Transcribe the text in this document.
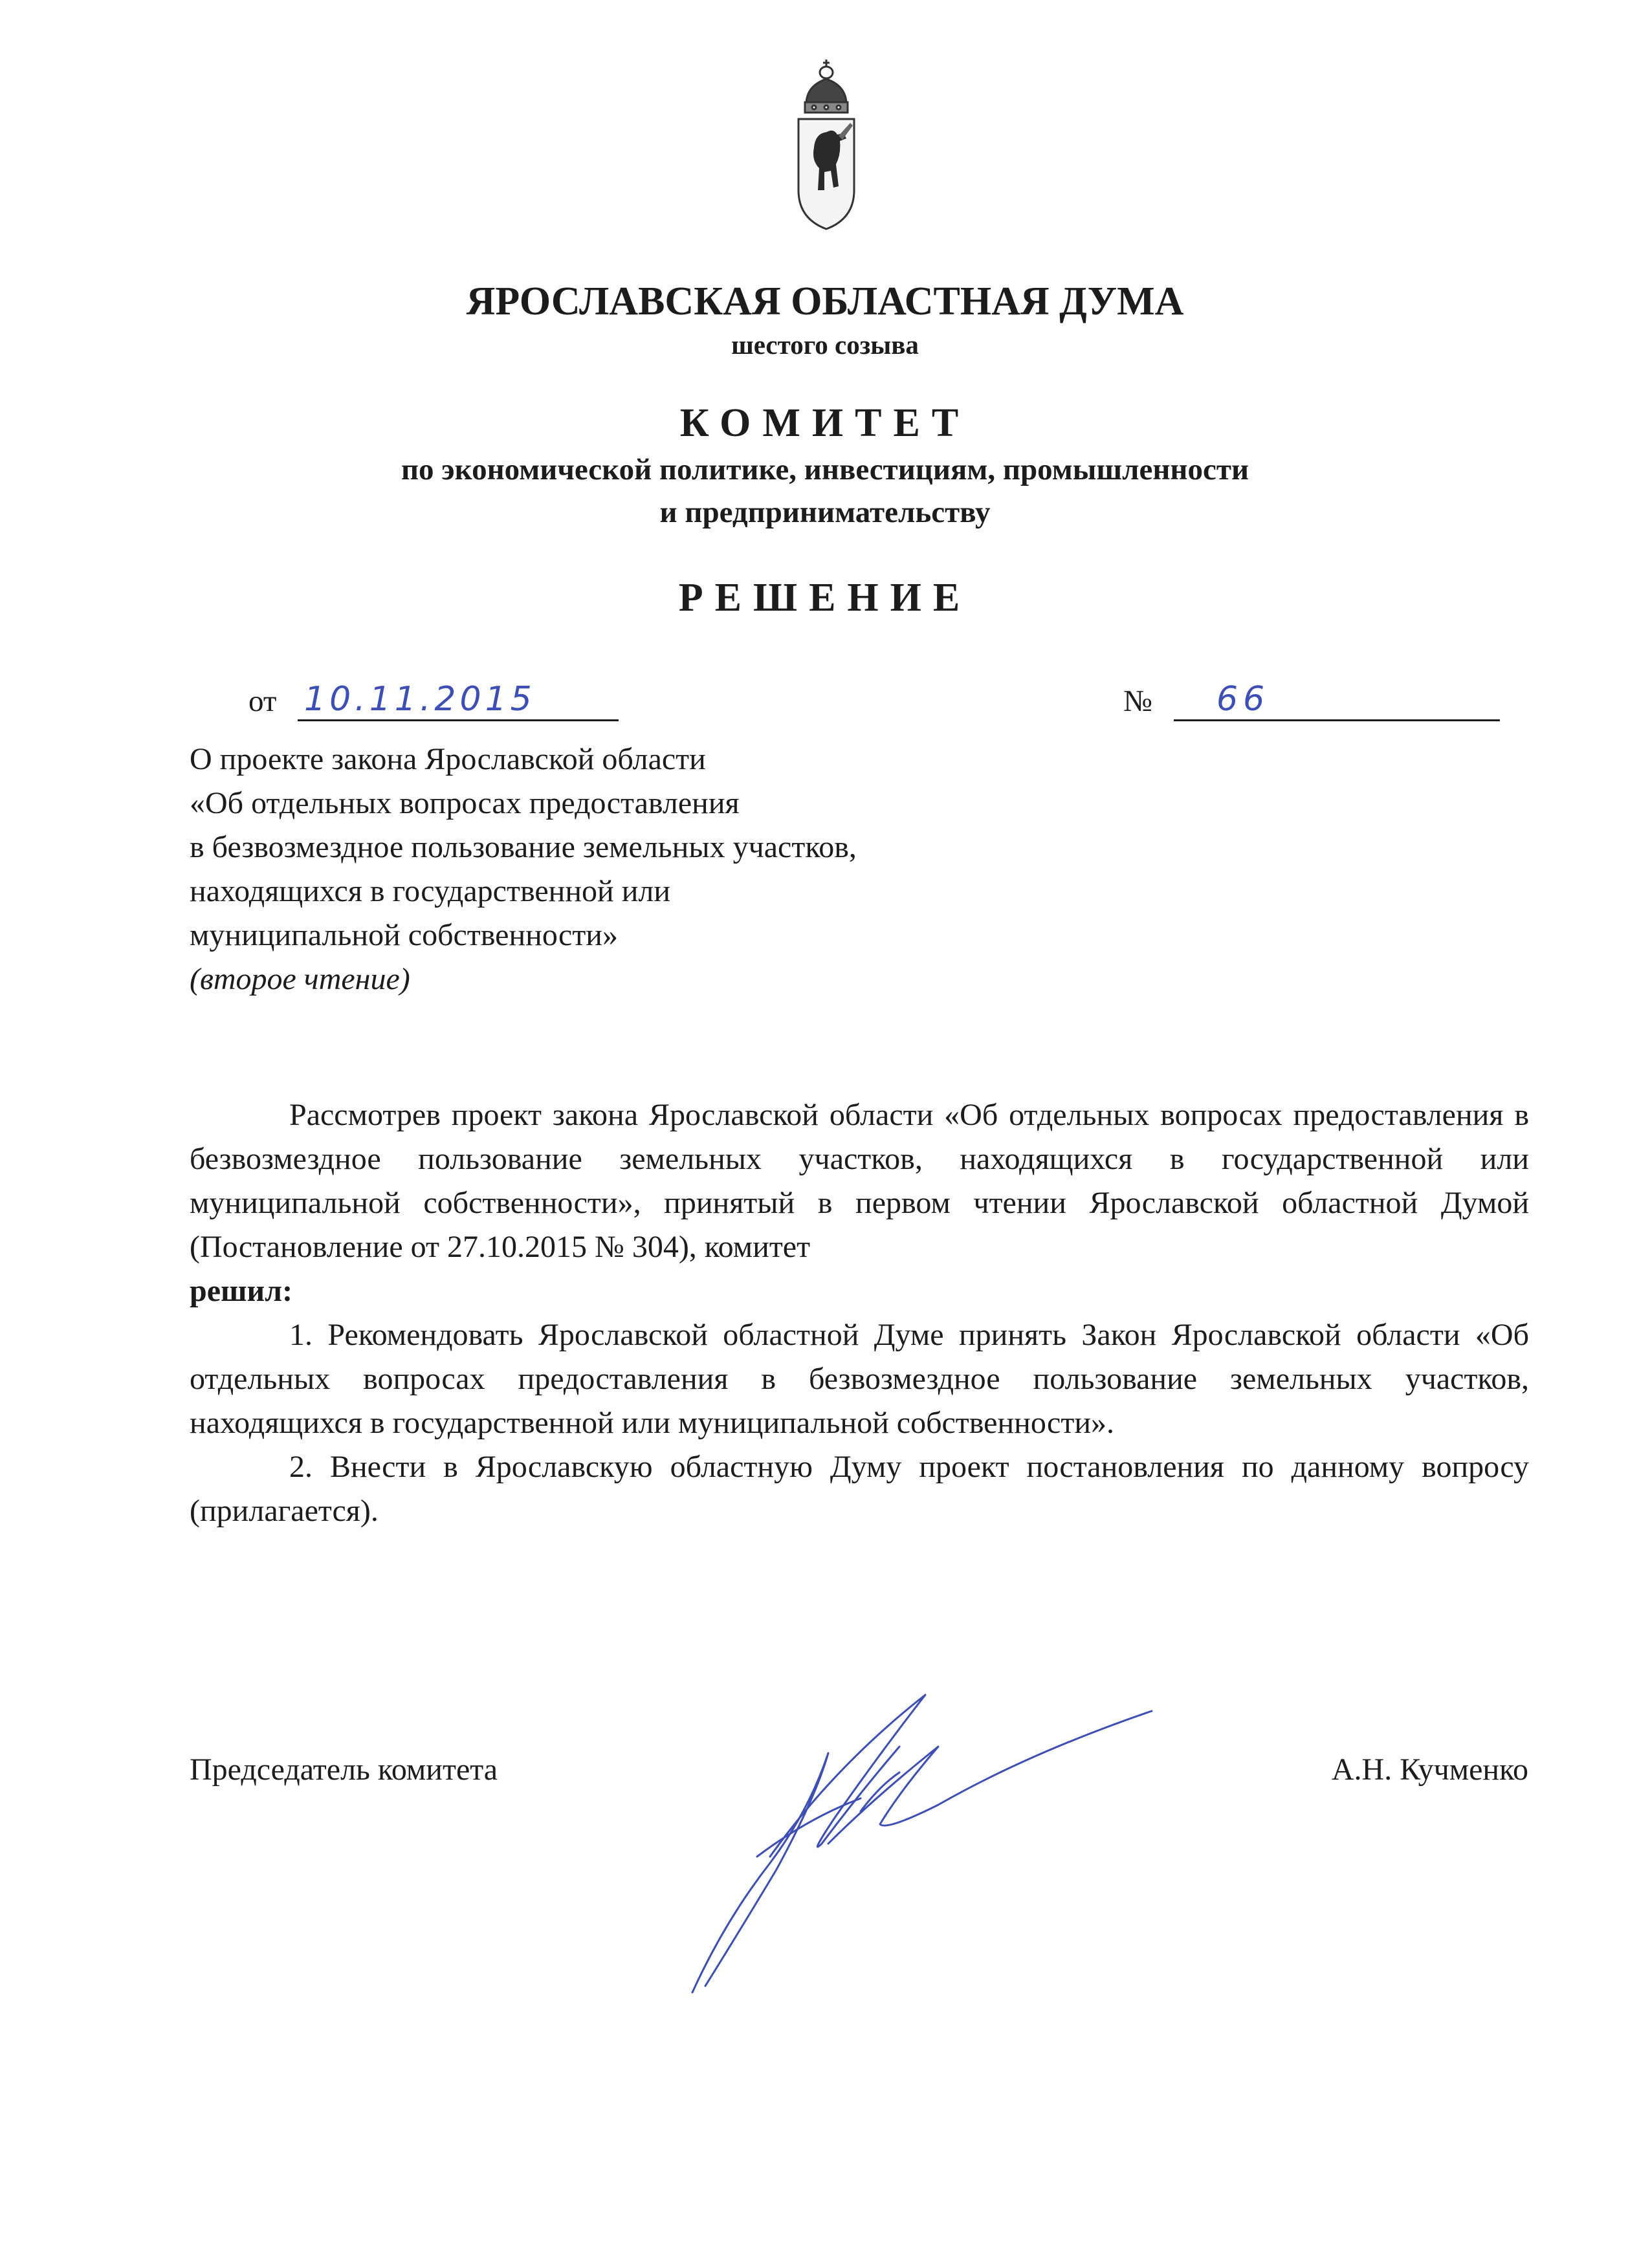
ЯРОСЛАВСКАЯ ОБЛАСТНАЯ ДУМА
шестого созыва
КОМИТЕТ
по экономической политике, инвестициям, промышленности
и предпринимательству
РЕШЕНИЕ
от 10.11.2015	№ 66
О проекте закона Ярославской области
«Об отдельных вопросах предоставления
в безвозмездное пользование земельных участков,
находящихся в государственной или
муниципальной собственности»
(второе чтение)
Рассмотрев проект закона Ярославской области «Об отдельных вопросах предоставления в безвозмездное пользование земельных участков, находящихся в государственной или муниципальной собственности», принятый в первом чтении Ярославской областной Думой (Постановление от 27.10.2015 № 304), комитет
решил:
1. Рекомендовать Ярославской областной Думе принять Закон Ярославской области «Об отдельных вопросах предоставления в безвозмездное пользование земельных участков, находящихся в государственной или муниципальной собственности».
2. Внести в Ярославскую областную Думу проект постановления по данному вопросу (прилагается).
Председатель комитета	А.Н. Кучменко
